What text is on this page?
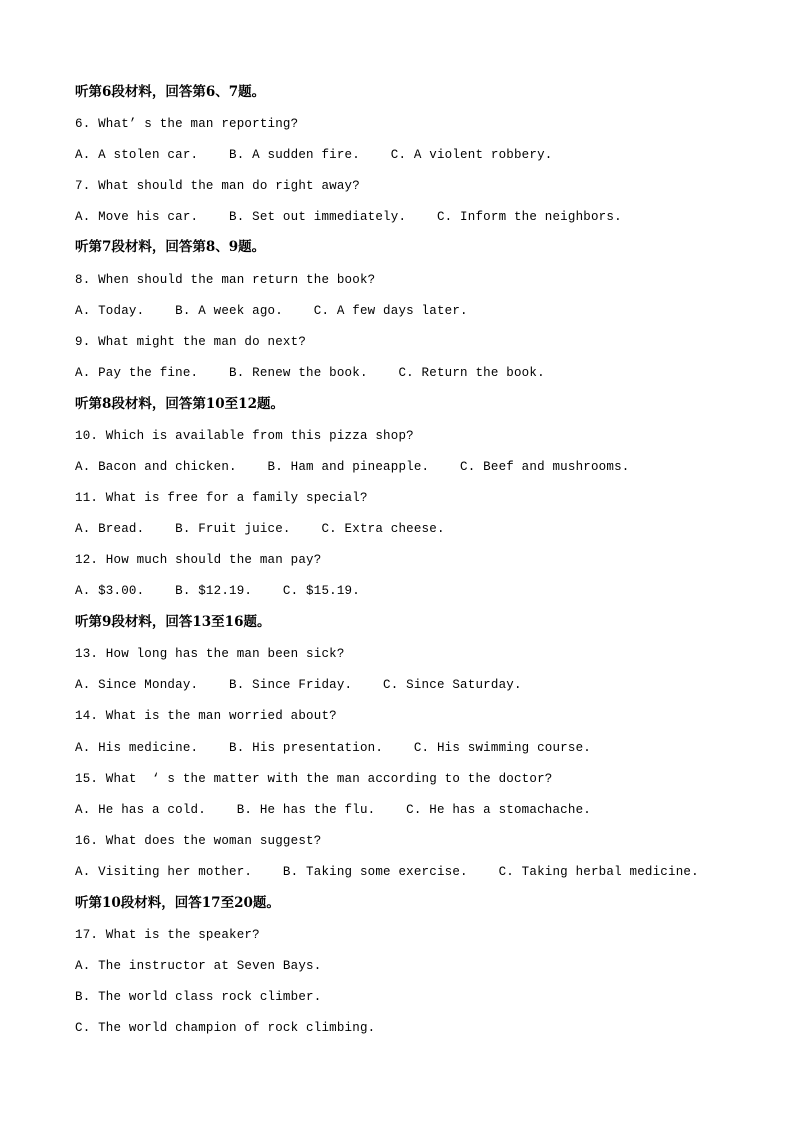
听第6段材料，回答第6、7题。
6. What’ s the man reporting?
A. A stolen car.    B. A sudden fire.    C. A violent robbery.
7. What should the man do right away?
A. Move his car.    B. Set out immediately.    C. Inform the neighbors.
听第7段材料，回答第8、9题。
8. When should the man return the book?
A. Today.    B. A week ago.    C. A few days later.
9. What might the man do next?
A. Pay the fine.    B. Renew the book.    C. Return the book.
听第8段材料，回答第10至12题。
10. Which is available from this pizza shop?
A. Bacon and chicken.    B. Ham and pineapple.    C. Beef and mushrooms.
11. What is free for a family special?
A. Bread.    B. Fruit juice.    C. Extra cheese.
12. How much should the man pay?
A. $3.00.    B. $12.19.    C. $15.19.
听第9段材料，回答13至16题。
13. How long has the man been sick?
A. Since Monday.    B. Since Friday.    C. Since Saturday.
14. What is the man worried about?
A. His medicine.    B. His presentation.    C. His swimming course.
15. What  ‘ s the matter with the man according to the doctor?
A. He has a cold.    B. He has the flu.    C. He has a stomachache.
16. What does the woman suggest?
A. Visiting her mother.    B. Taking some exercise.    C. Taking herbal medicine.
听第10段材料，回答17至20题。
17. What is the speaker?
A. The instructor at Seven Bays.
B. The world class rock climber.
C. The world champion of rock climbing.
